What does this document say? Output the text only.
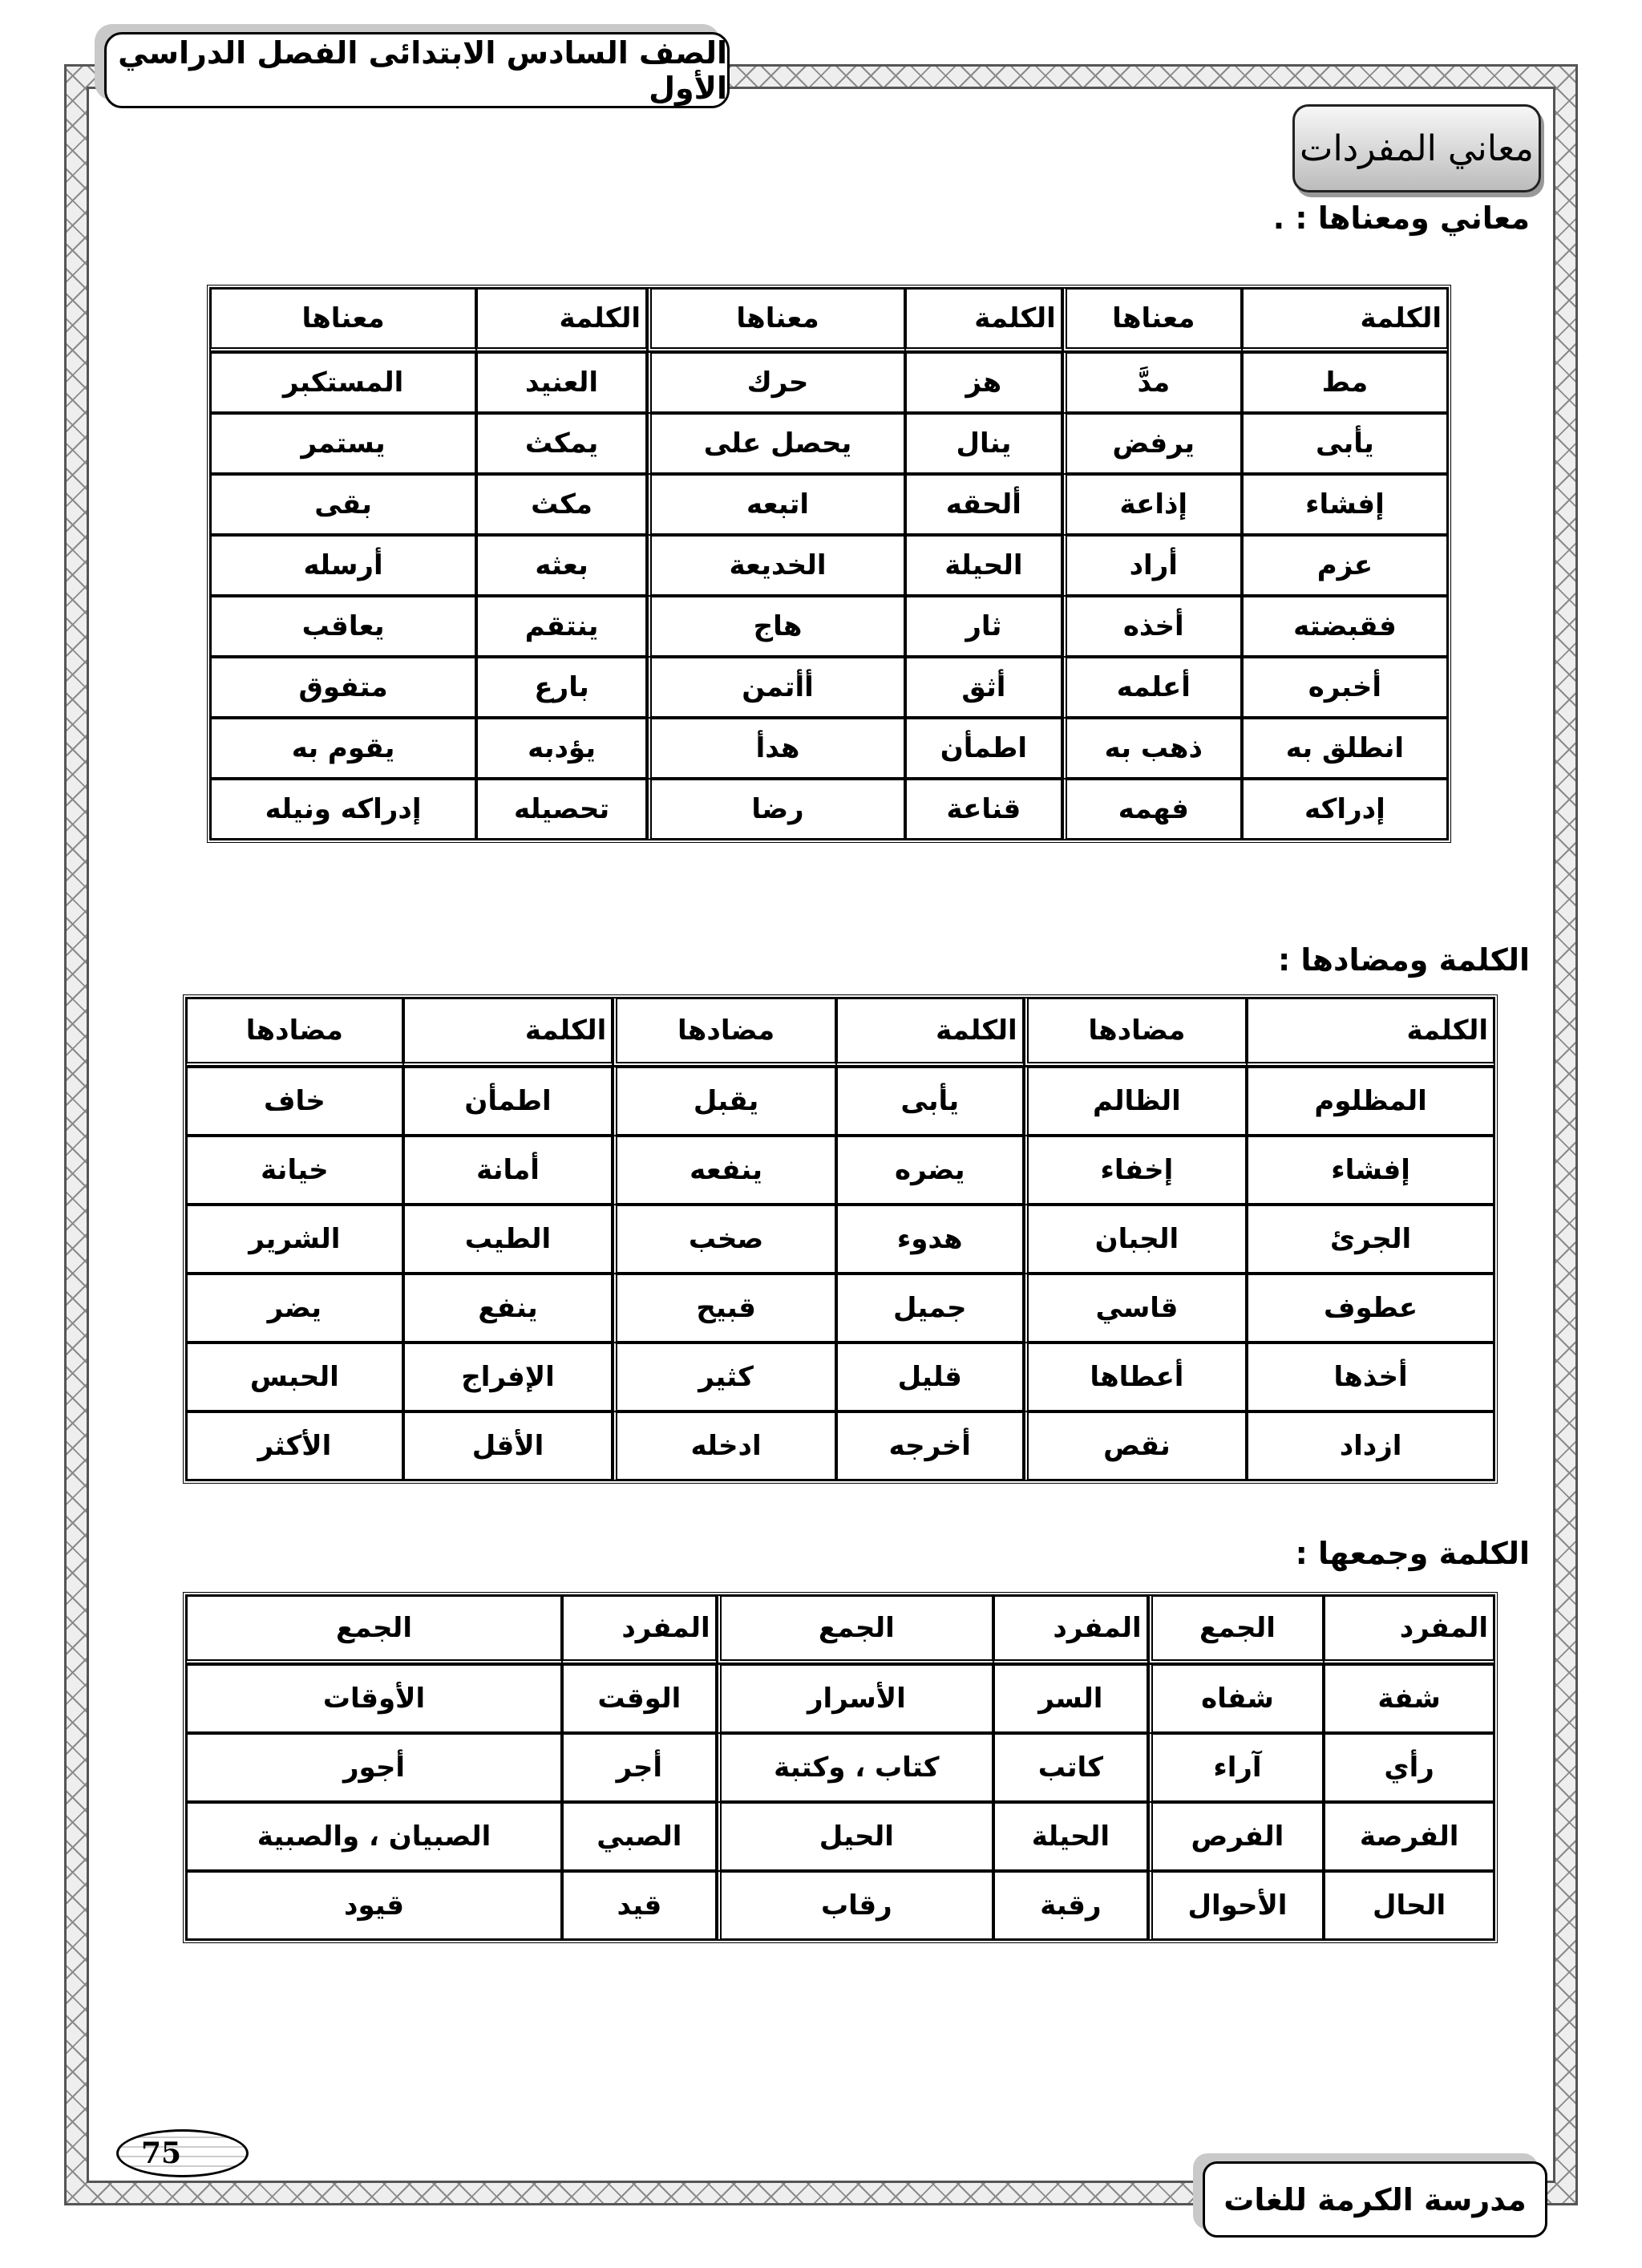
الصف السادس الابتدائى الفصل الدراسي الأول
معاني المفردات
معاني ومعناها : .
الكلمة	معناها	الكلمة	معناها	الكلمة	معناها
مط	مدَّ	هز	حرك	العنيد	المستكبر
يأبى	يرفض	ينال	يحصل على	يمكث	يستمر
إفشاء	إذاعة	ألحقه	اتبعه	مكث	بقى
عزم	أراد	الحيلة	الخديعة	بعثه	أرسله
فقبضته	أخذه	ثار	هاج	ينتقم	يعاقب
أخبره	أعلمه	أثق	أأتمن	بارع	متفوق
انطلق به	ذهب به	اطمأن	هدأ	يؤدبه	يقوم به
إدراكه	فهمه	قناعة	رضا	تحصيله	إدراكه ونيله
الكلمة ومضادها :
الكلمة	مضادها	الكلمة	مضادها	الكلمة	مضادها
المظلوم	الظالم	يأبى	يقبل	اطمأن	خاف
إفشاء	إخفاء	يضره	ينفعه	أمانة	خيانة
الجرئ	الجبان	هدوء	صخب	الطيب	الشرير
عطوف	قاسي	جميل	قبيح	ينفع	يضر
أخذها	أعطاها	قليل	كثير	الإفراج	الحبس
ازداد	نقص	أخرجه	ادخله	الأقل	الأكثر
الكلمة وجمعها :
المفرد	الجمع	المفرد	الجمع	المفرد	الجمع
شفة	شفاه	السر	الأسرار	الوقت	الأوقات
رأي	آراء	كاتب	كتاب ، وكتبة	أجر	أجور
الفرصة	الفرص	الحيلة	الحيل	الصبي	الصبيان ، والصبية
الحال	الأحوال	رقبة	رقاب	قيد	قيود
75
مدرسة الكرمة للغات
